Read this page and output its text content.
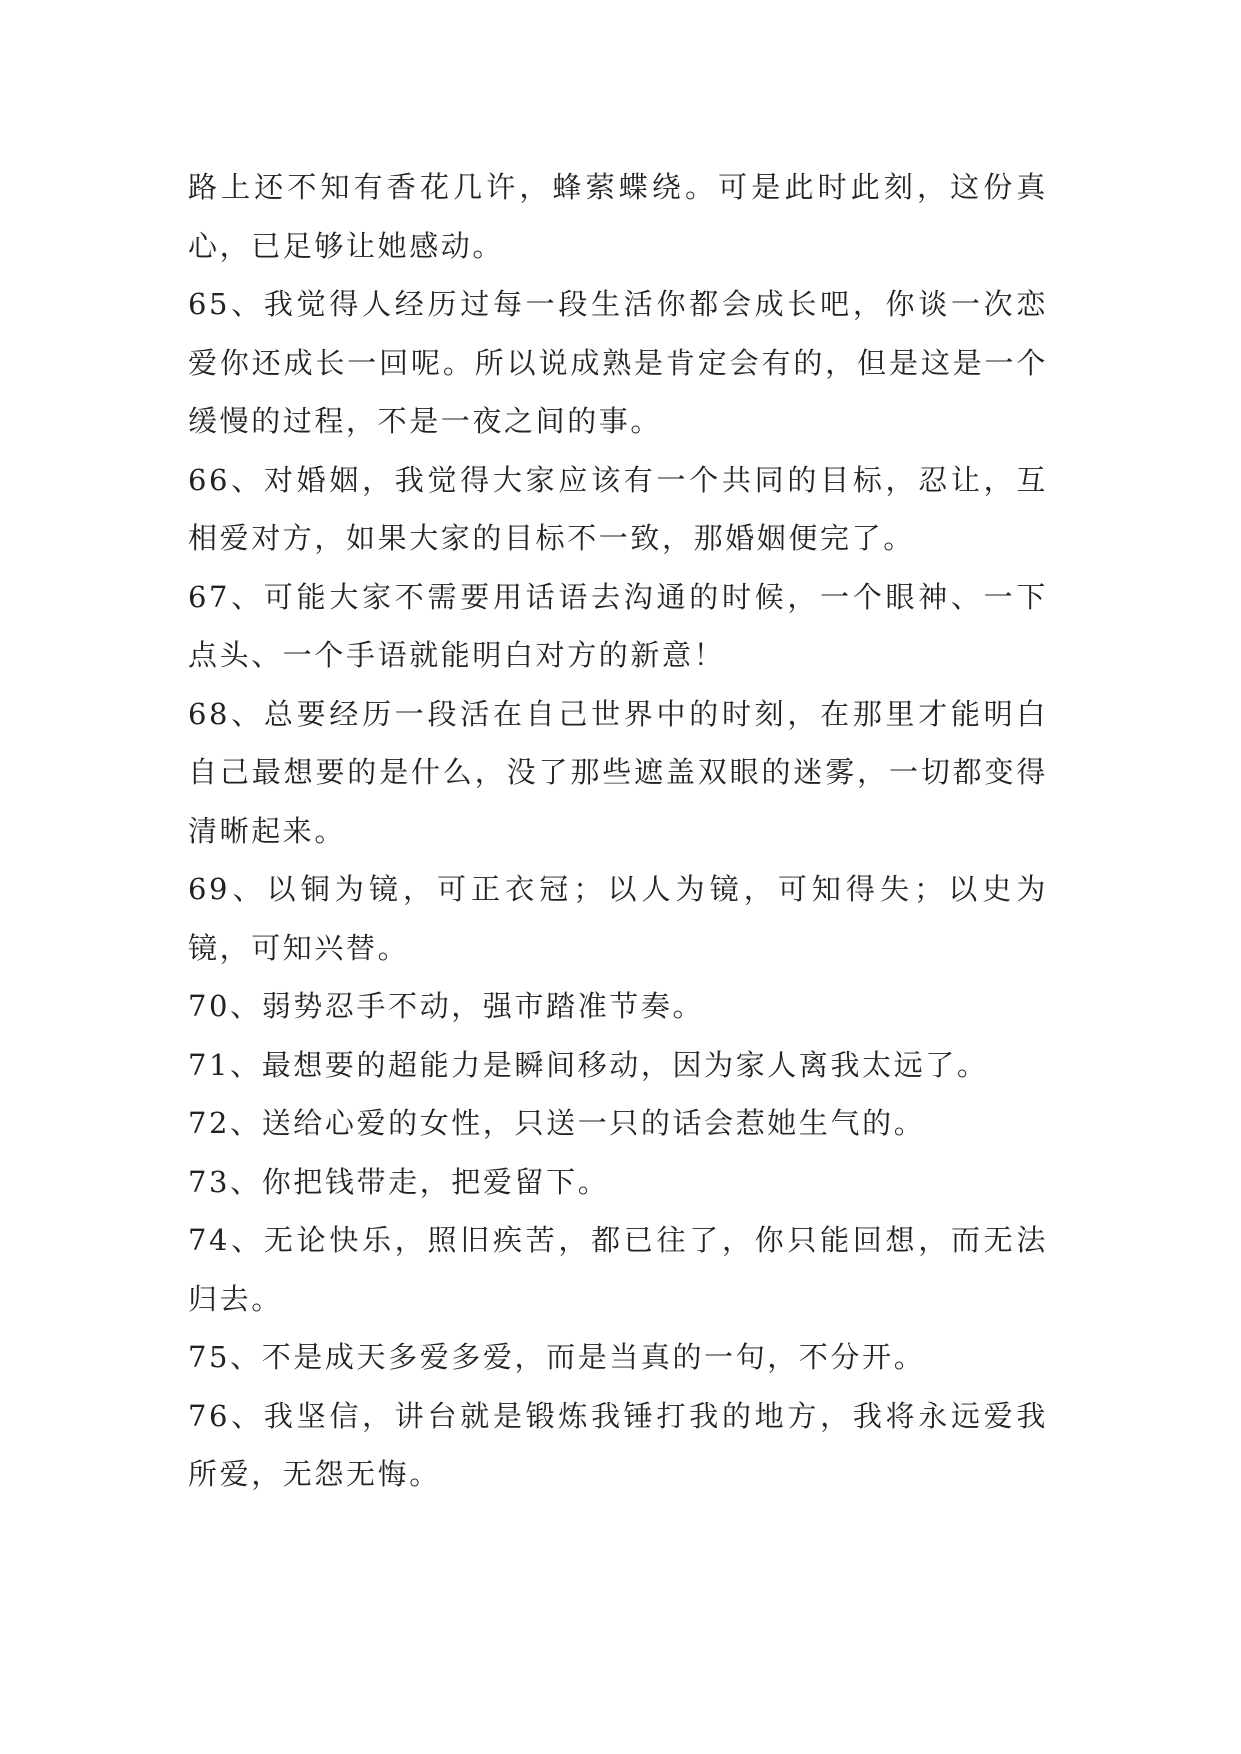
路上还不知有香花几许，蜂萦蝶绕。可是此时此刻，这份真心，已足够让她感动。

65、我觉得人经历过每一段生活你都会成长吧，你谈一次恋爱你还成长一回呢。所以说成熟是肯定会有的，但是这是一个缓慢的过程，不是一夜之间的事。

66、对婚姻，我觉得大家应该有一个共同的目标，忍让，互相爱对方，如果大家的目标不一致，那婚姻便完了。

67、可能大家不需要用话语去沟通的时候，一个眼神、一下点头、一个手语就能明白对方的新意！

68、总要经历一段活在自己世界中的时刻，在那里才能明白自己最想要的是什么，没了那些遮盖双眼的迷雾，一切都变得清晰起来。

69、以铜为镜，可正衣冠；以人为镜，可知得失；以史为镜，可知兴替。

70、弱势忍手不动，强市踏准节奏。

71、最想要的超能力是瞬间移动，因为家人离我太远了。

72、送给心爱的女性，只送一只的话会惹她生气的。

73、你把钱带走，把爱留下。

74、无论快乐，照旧疾苦，都已往了，你只能回想，而无法归去。

75、不是成天多爱多爱，而是当真的一句，不分开。

76、我坚信，讲台就是锻炼我锤打我的地方，我将永远爱我所爱，无怨无悔。
